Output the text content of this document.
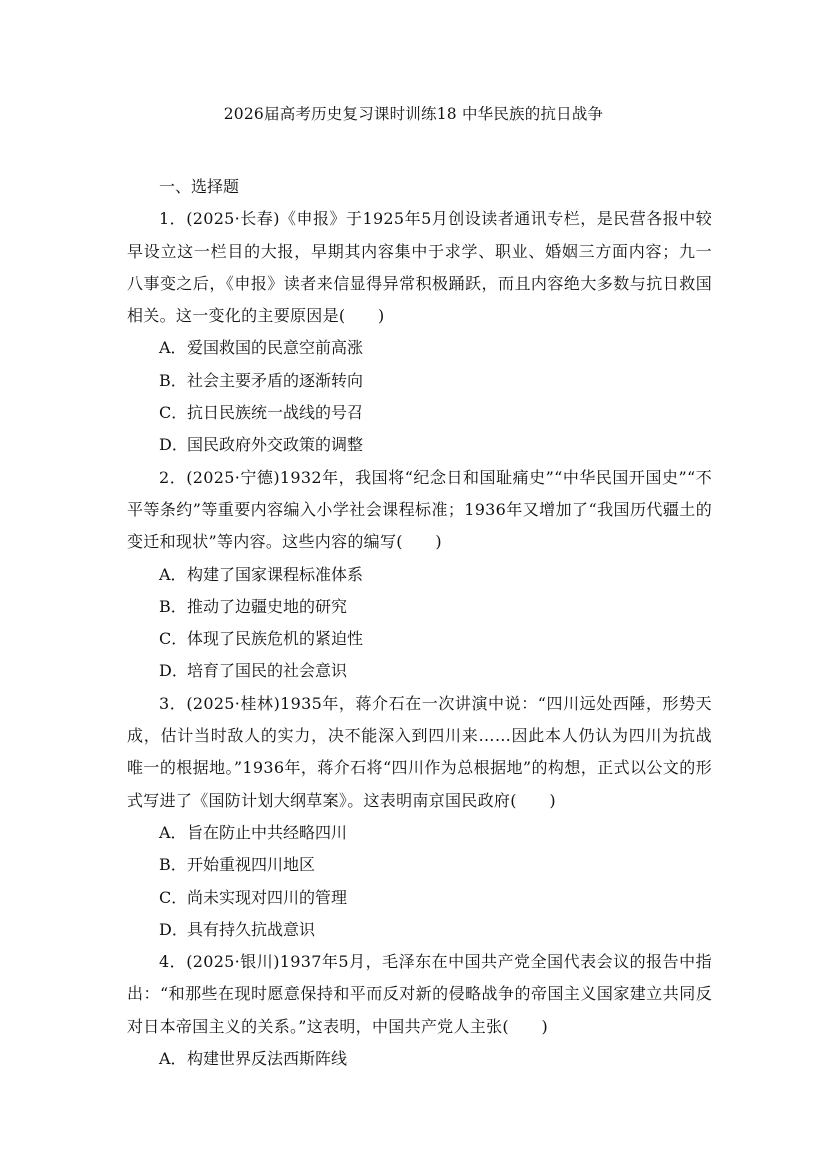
2026届高考历史复习课时训练18 中华民族的抗日战争

一、选择题

1．(2025·长春)《申报》于1925年5月创设读者通讯专栏，是民营各报中较早设立这一栏目的大报，早期其内容集中于求学、职业、婚姻三方面内容；九一八事变之后，《申报》读者来信显得异常积极踊跃，而且内容绝大多数与抗日救国相关。这一变化的主要原因是(　　)

A．爱国救国的民意空前高涨
B．社会主要矛盾的逐渐转向
C．抗日民族统一战线的号召
D．国民政府外交政策的调整

2．(2025·宁德)1932年，我国将“纪念日和国耻痛史”“中华民国开国史”“不平等条约”等重要内容编入小学社会课程标准；1936年又增加了“我国历代疆土的变迁和现状”等内容。这些内容的编写(　　)

A．构建了国家课程标准体系
B．推动了边疆史地的研究
C．体现了民族危机的紧迫性
D．培育了国民的社会意识

3．(2025·桂林)1935年，蒋介石在一次讲演中说：“四川远处西陲，形势天成，估计当时敌人的实力，决不能深入到四川来……因此本人仍认为四川为抗战唯一的根据地。”1936年，蒋介石将“四川作为总根据地”的构想，正式以公文的形式写进了《国防计划大纲草案》。这表明南京国民政府(　　)

A．旨在防止中共经略四川
B．开始重视四川地区
C．尚未实现对四川的管理
D．具有持久抗战意识

4．(2025·银川)1937年5月，毛泽东在中国共产党全国代表会议的报告中指出：“和那些在现时愿意保持和平而反对新的侵略战争的帝国主义国家建立共同反对日本帝国主义的关系。”这表明，中国共产党人主张(　　)

A．构建世界反法西斯阵线
